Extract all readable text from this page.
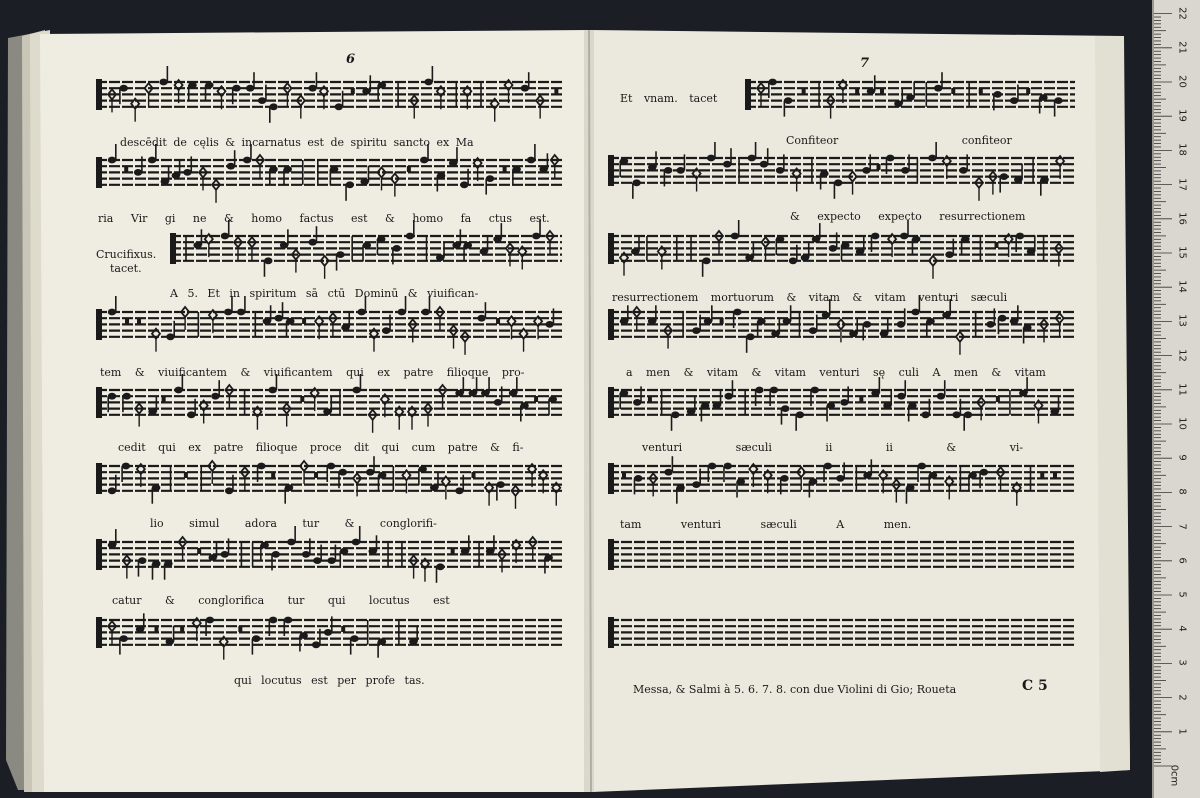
6
descēdit de cęlis & incarnatus est de spiritu sancto ex Ma
ria Vir gi ne & homo factus est & homo fa ctus est.
Crucifixus.
tacet.
A 5. Et in spiritum sā ctū Dominū & viuifican-
tem & viuificantem & viuificantem qui ex patre filioque pro-
cedit qui ex patre filioque proce dit qui cum patre & fi-
lio simul adora tur & conglorifi-
catur & conglorifica tur qui locutus est
qui locutus est per profe tas.
7
Et vnam. tacet
Confiteor confiteor
& expecto expecto resurrectionem
resurrectionem mortuorum & vitam & vitam venturi sæculi
a men & vitam & vitam venturi sę culi A men & vitam
venturi sæculi ii ii & vi-
tam venturi sæculi A men.
Messa, & Salmi à 5. 6. 7. 8. con due Violini di Gio; Roueta	C 5
0cm
1
2
3
4
5
6
7
8
9
10
11
12
13
14
15
16
17
18
19
20
21
22
